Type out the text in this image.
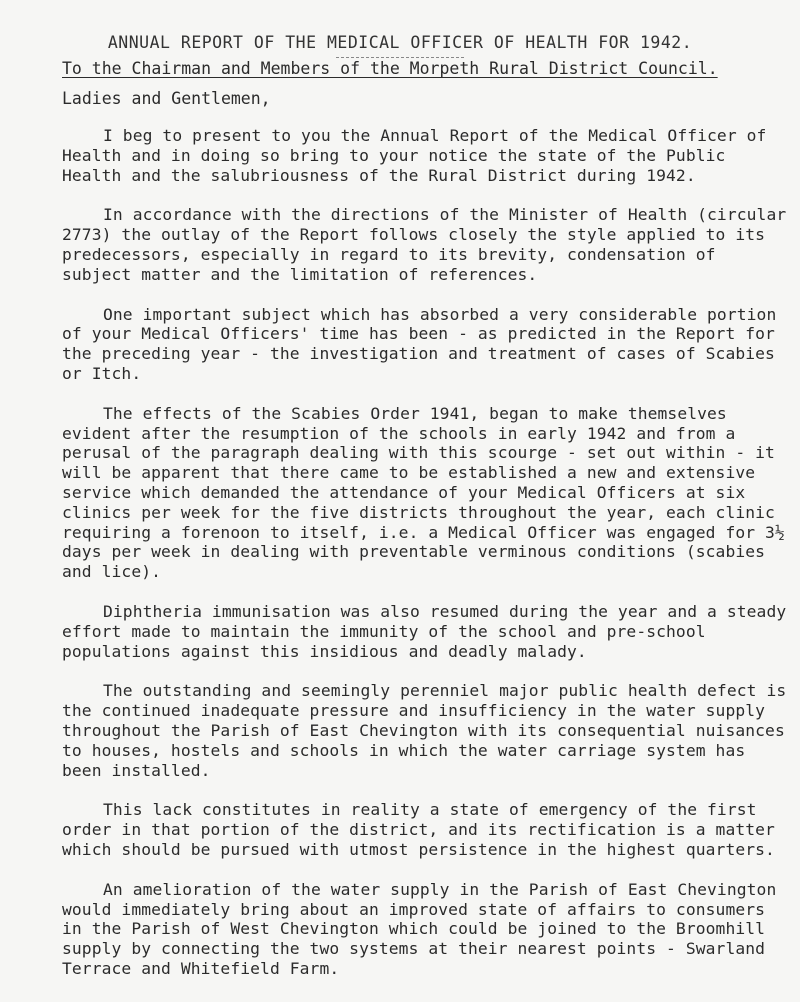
ANNUAL REPORT OF THE MEDICAL OFFICER OF HEALTH FOR 1942.
To the Chairman and Members of the Morpeth Rural District Council.
Ladies and Gentlemen,

I beg to present to you the Annual Report of the Medical Officer of Health and in doing so bring to your notice the state of the Public Health and the salubriousness of the Rural District during 1942.

In accordance with the directions of the Minister of Health (circular 2773) the outlay of the Report follows closely the style applied to its predecessors, especially in regard to its brevity, condensation of subject matter and the limitation of references.

One important subject which has absorbed a very considerable portion of your Medical Officers' time has been - as predicted in the Report for the preceding year - the investigation and treatment of cases of Scabies or Itch.

The effects of the Scabies Order 1941, began to make themselves evident after the resumption of the schools in early 1942 and from a perusal of the paragraph dealing with this scourge - set out within - it will be apparent that there came to be established a new and extensive service which demanded the attendance of your Medical Officers at six clinics per week for the five districts throughout the year, each clinic requiring a forenoon to itself, i.e. a Medical Officer was engaged for 3½ days per week in dealing with preventable verminous conditions (scabies and lice).

Diphtheria immunisation was also resumed during the year and a steady effort made to maintain the immunity of the school and pre-school populations against this insidious and deadly malady.

The outstanding and seemingly perenniel major public health defect is the continued inadequate pressure and insufficiency in the water supply throughout the Parish of East Chevington with its consequential nuisances to houses, hostels and schools in which the water carriage system has been installed.

This lack constitutes in reality a state of emergency of the first order in that portion of the district, and its rectification is a matter which should be pursued with utmost persistence in the highest quarters.

An amelioration of the water supply in the Parish of East Chevington would immediately bring about an improved state of affairs to consumers in the Parish of West Chevington which could be joined to the Broomhill supply by connecting the two systems at their nearest points - Swarland Terrace and Whitefield Farm.
